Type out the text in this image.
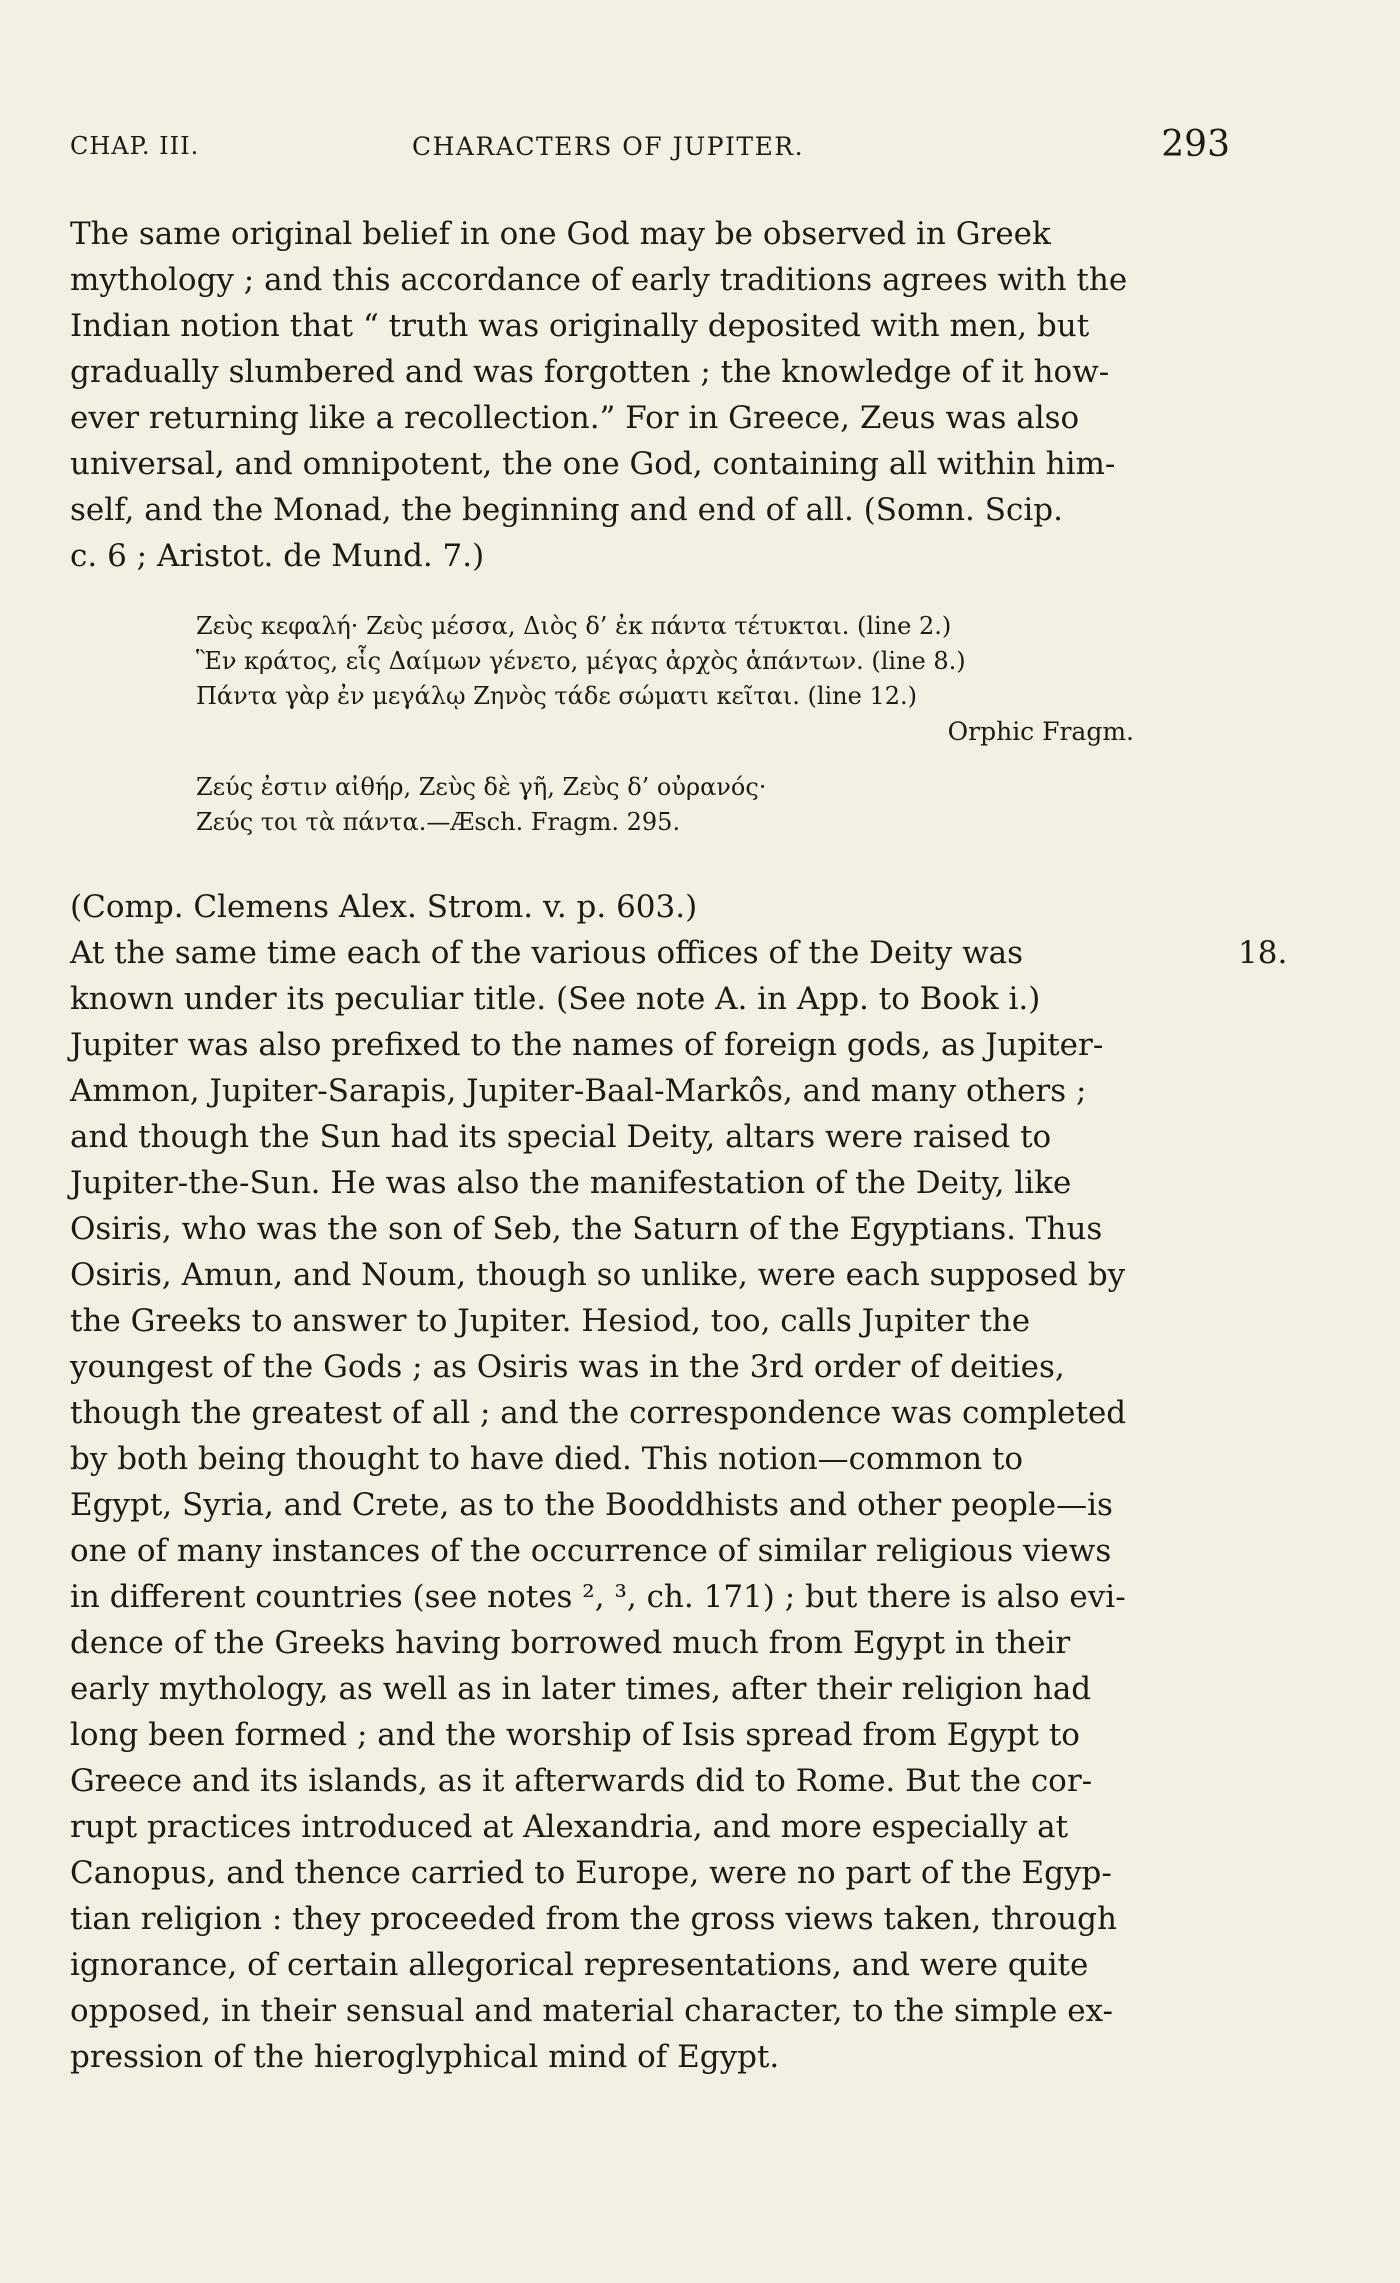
CHAP. III.	CHARACTERS OF JUPITER.	293
The same original belief in one God may be observed in Greek
mythology ; and this accordance of early traditions agrees with the
Indian notion that “ truth was originally deposited with men, but
gradually slumbered and was forgotten ; the knowledge of it how-
ever returning like a recollection.” For in Greece, Zeus was also
universal, and omnipotent, the one God, containing all within him-
self, and the Monad, the beginning and end of all. (Somn. Scip.
c. 6 ; Aristot. de Mund. 7.)
Ζεὺς κεφαλή· Ζεὺς μέσσα, Διὸς δ’ ἐκ πάντα τέτυκται. (line 2.)
Ἓν κράτος, εἷς Δαίμων γένετο, μέγας ἀρχὸς ἁπάντων. (line 8.)
Πάντα γὰρ ἐν μεγάλῳ Ζηνὸς τάδε σώματι κεῖται. (line 12.)
Orphic Fragm.
Ζεύς ἐστιν αἰθήρ, Ζεὺς δὲ γῆ, Ζεὺς δ’ οὐρανός·
Ζεύς τοι τὰ πάντα.—Æsch. Fragm. 295.
(Comp. Clemens Alex. Strom. v. p. 603.)
18.
At the same time each of the various offices of the Deity was
known under its peculiar title. (See note A. in App. to Book i.)
Jupiter was also prefixed to the names of foreign gods, as Jupiter-
Ammon, Jupiter-Sarapis, Jupiter-Baal-Markôs, and many others ;
and though the Sun had its special Deity, altars were raised to
Jupiter-the-Sun. He was also the manifestation of the Deity, like
Osiris, who was the son of Seb, the Saturn of the Egyptians. Thus
Osiris, Amun, and Noum, though so unlike, were each supposed by
the Greeks to answer to Jupiter. Hesiod, too, calls Jupiter the
youngest of the Gods ; as Osiris was in the 3rd order of deities,
though the greatest of all ; and the correspondence was completed
by both being thought to have died. This notion—common to
Egypt, Syria, and Crete, as to the Booddhists and other people—is
one of many instances of the occurrence of similar religious views
in different countries (see notes ², ³, ch. 171) ; but there is also evi-
dence of the Greeks having borrowed much from Egypt in their
early mythology, as well as in later times, after their religion had
long been formed ; and the worship of Isis spread from Egypt to
Greece and its islands, as it afterwards did to Rome. But the cor-
rupt practices introduced at Alexandria, and more especially at
Canopus, and thence carried to Europe, were no part of the Egyp-
tian religion : they proceeded from the gross views taken, through
ignorance, of certain allegorical representations, and were quite
opposed, in their sensual and material character, to the simple ex-
pression of the hieroglyphical mind of Egypt.
